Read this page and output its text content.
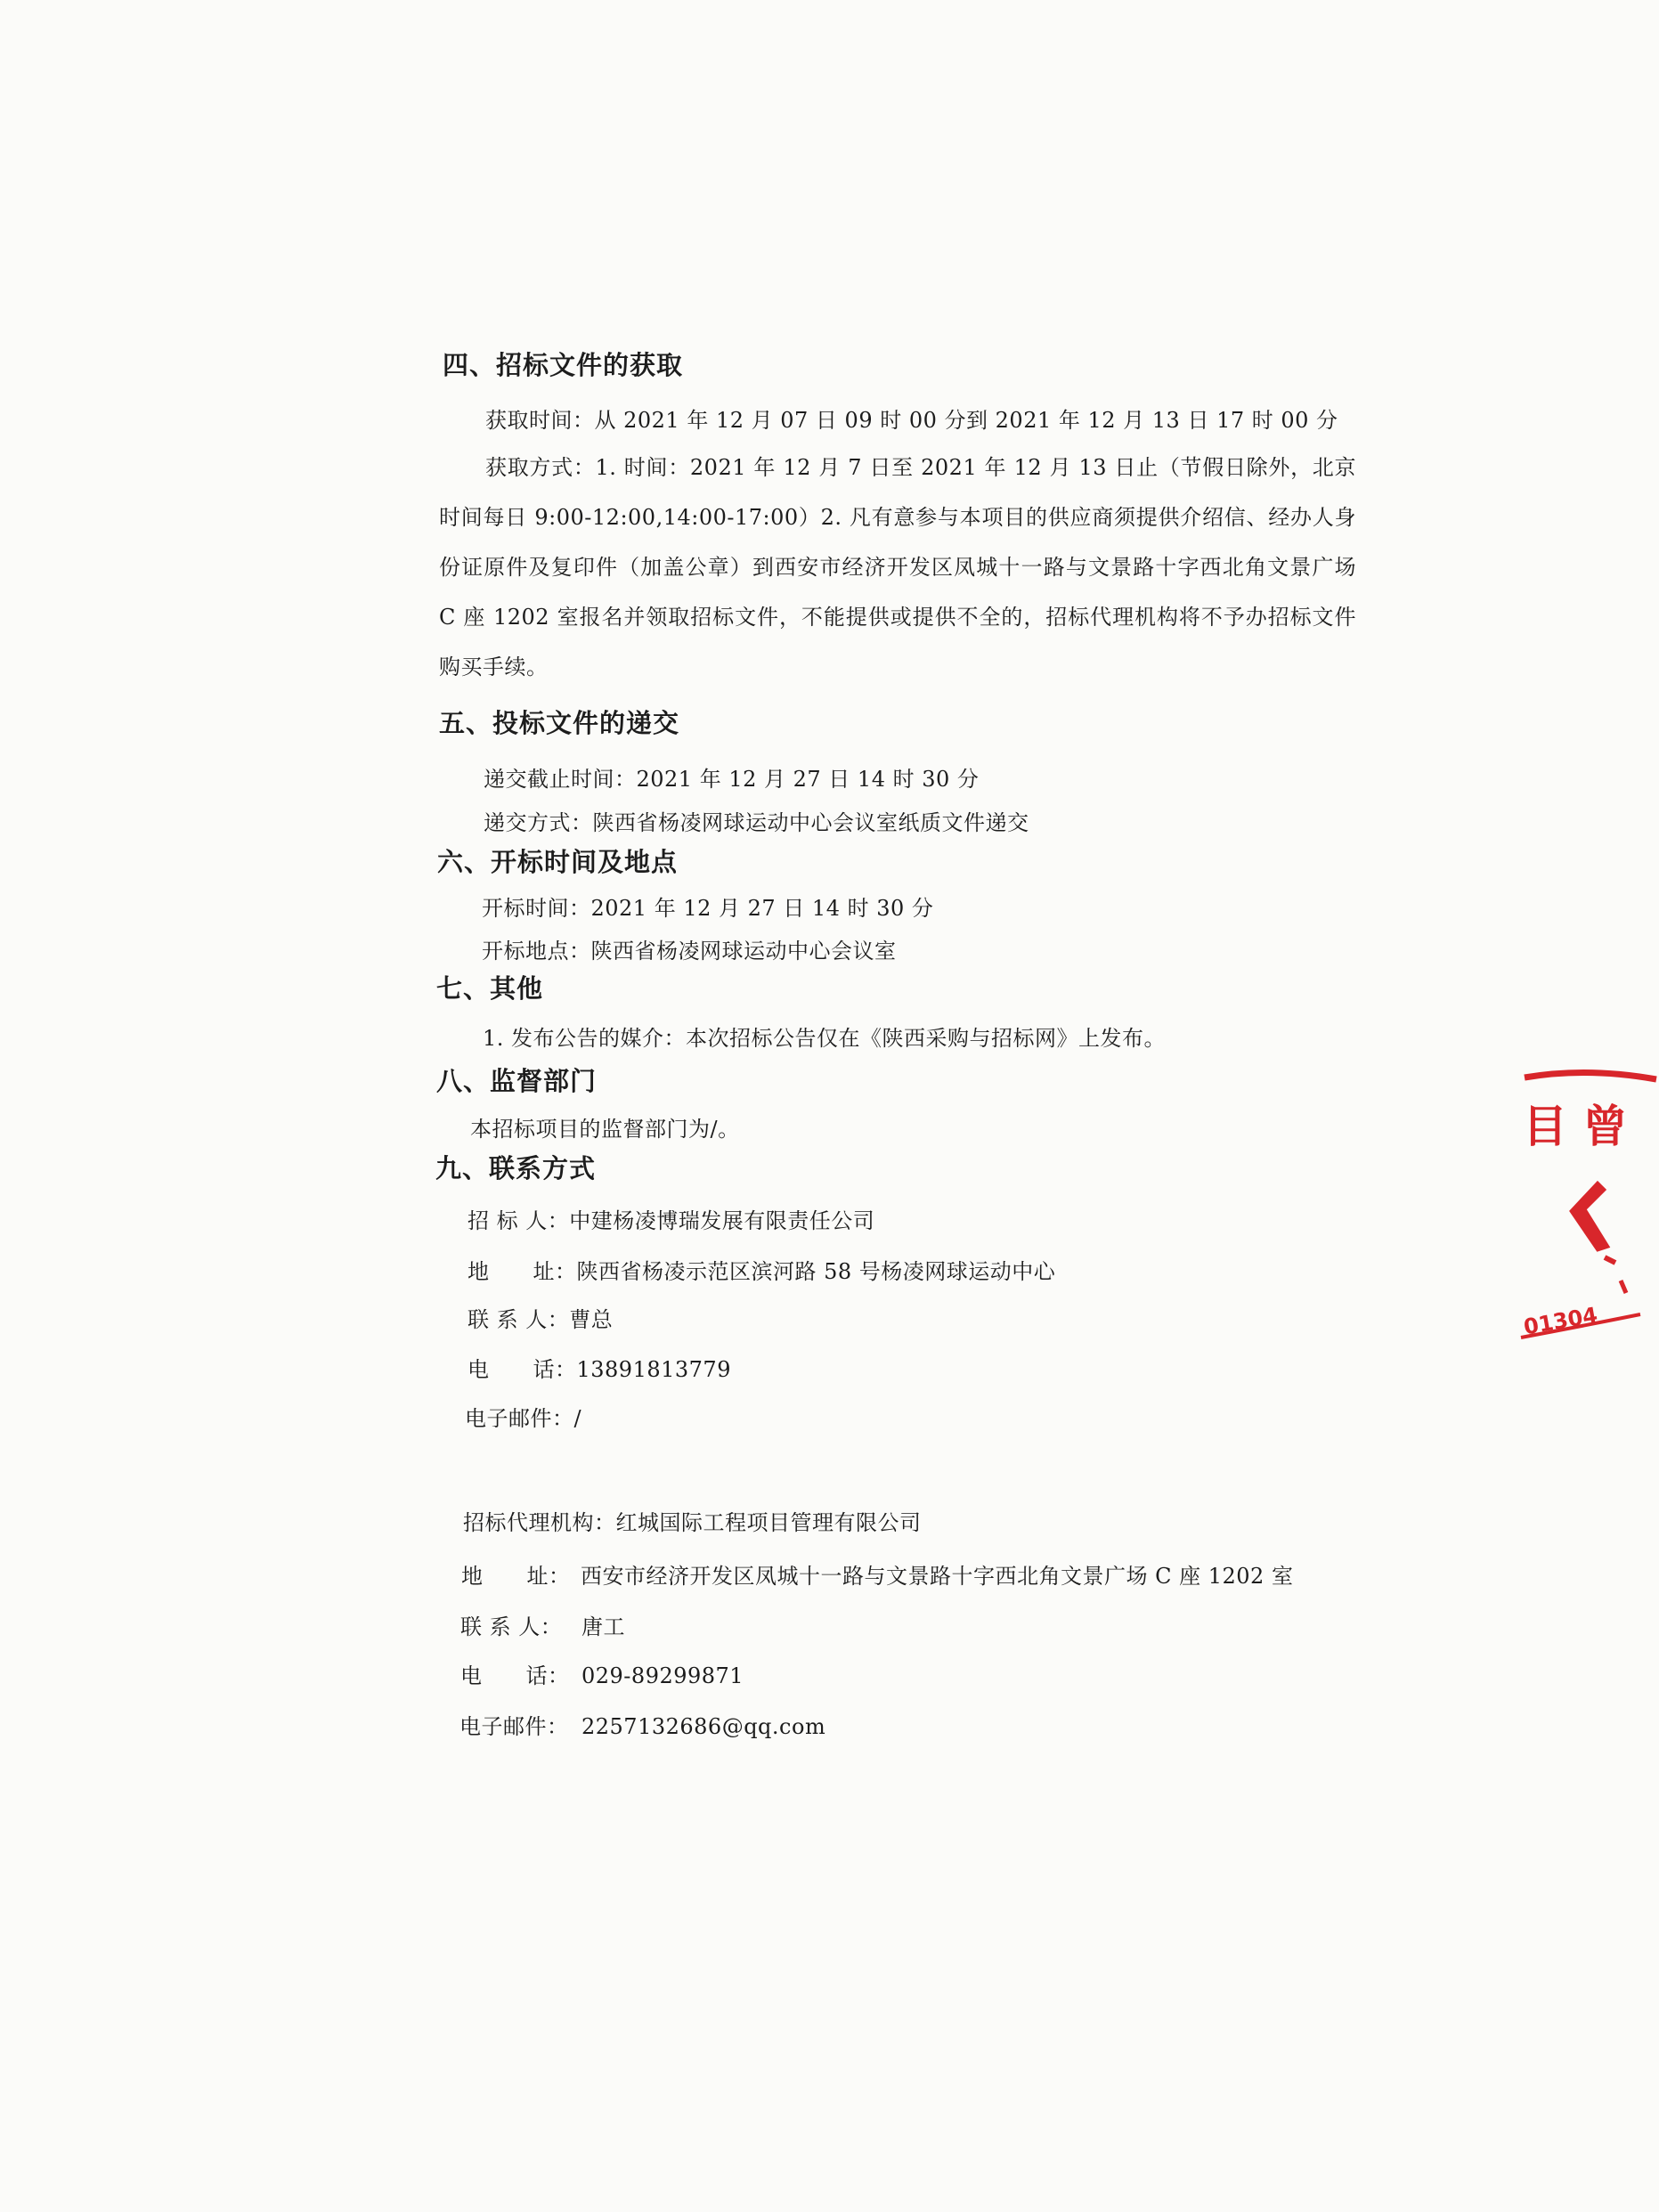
四、招标文件的获取
获取时间：从 2021 年 12 月 07 日 09 时 00 分到 2021 年 12 月 13 日 17 时 00 分
获取方式：1. 时间：2021 年 12 月 7 日至 2021 年 12 月 13 日止（节假日除外，北京时间每日 9:00-12:00,14:00-17:00）2. 凡有意参与本项目的供应商须提供介绍信、经办人身份证原件及复印件（加盖公章）到西安市经济开发区凤城十一路与文景路十字西北角文景广场 C 座 1202 室报名并领取招标文件，不能提供或提供不全的，招标代理机构将不予办招标文件购买手续。
五、投标文件的递交
递交截止时间：2021 年 12 月 27 日 14 时 30 分
递交方式：陕西省杨凌网球运动中心会议室纸质文件递交
六、开标时间及地点
开标时间：2021 年 12 月 27 日 14 时 30 分
开标地点：陕西省杨凌网球运动中心会议室
七、其他
1. 发布公告的媒介：本次招标公告仅在《陕西采购与招标网》上发布。
八、监督部门
本招标项目的监督部门为/。
九、联系方式
招 标 人：中建杨凌博瑞发展有限责任公司
地　　址：陕西省杨凌示范区滨河路 58 号杨凌网球运动中心
联 系 人：曹总
电　　话：13891813779
电子邮件：/
招标代理机构：红城国际工程项目管理有限公司
地　　址： 西安市经济开发区凤城十一路与文景路十字西北角文景广场 C 座 1202 室
联 系 人： 唐工
电　　话： 029-89299871
电子邮件： 2257132686@qq.com
目 曾
01304
